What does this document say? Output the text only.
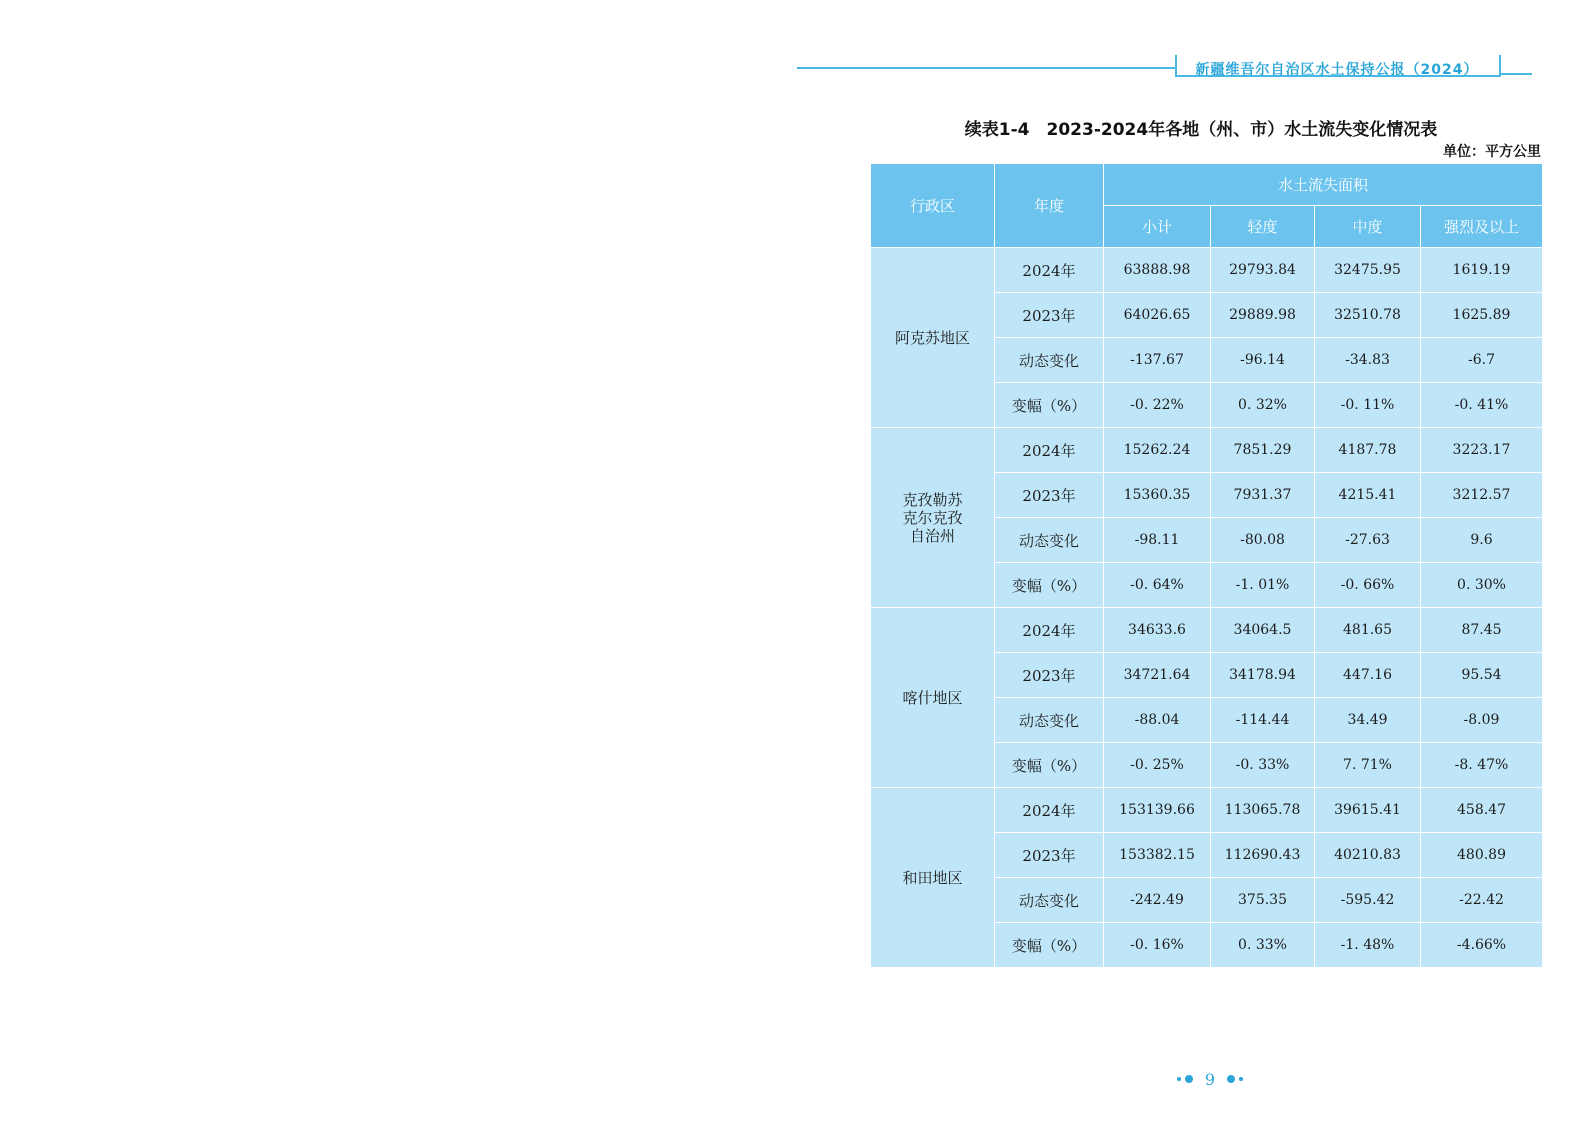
新疆维吾尔自治区水土保持公报（2024）
续表1-4　2023-2024年各地（州、市）水土流失变化情况表
单位：平方公里
行政区	年度	水土流失面积			
		小计	轻度	中度	强烈及以上

阿克苏地区	2024年	63888.98	29793.84	32475.95	1619.19
	2023年	64026.65	29889.98	32510.78	1625.89
	动态变化	-137.67	-96.14	-34.83	-6.7
	变幅（%）	-0. 22%	0. 32%	-0. 11%	-0. 41%

克孜勒苏
克尔克孜
自治州	2024年	15262.24	7851.29	4187.78	3223.17
	2023年	15360.35	7931.37	4215.41	3212.57
	动态变化	-98.11	-80.08	-27.63	9.6
	变幅（%）	-0. 64%	-1. 01%	-0. 66%	0. 30%

喀什地区	2024年	34633.6	34064.5	481.65	87.45
	2023年	34721.64	34178.94	447.16	95.54
	动态变化	-88.04	-114.44	34.49	-8.09
	变幅（%）	-0. 25%	-0. 33%	7. 71%	-8. 47%

和田地区	2024年	153139.66	113065.78	39615.41	458.47
	2023年	153382.15	112690.43	40210.83	480.89
	动态变化	-242.49	375.35	-595.42	-22.42
	变幅（%）	-0. 16%	0. 33%	-1. 48%	-4.66%
9
